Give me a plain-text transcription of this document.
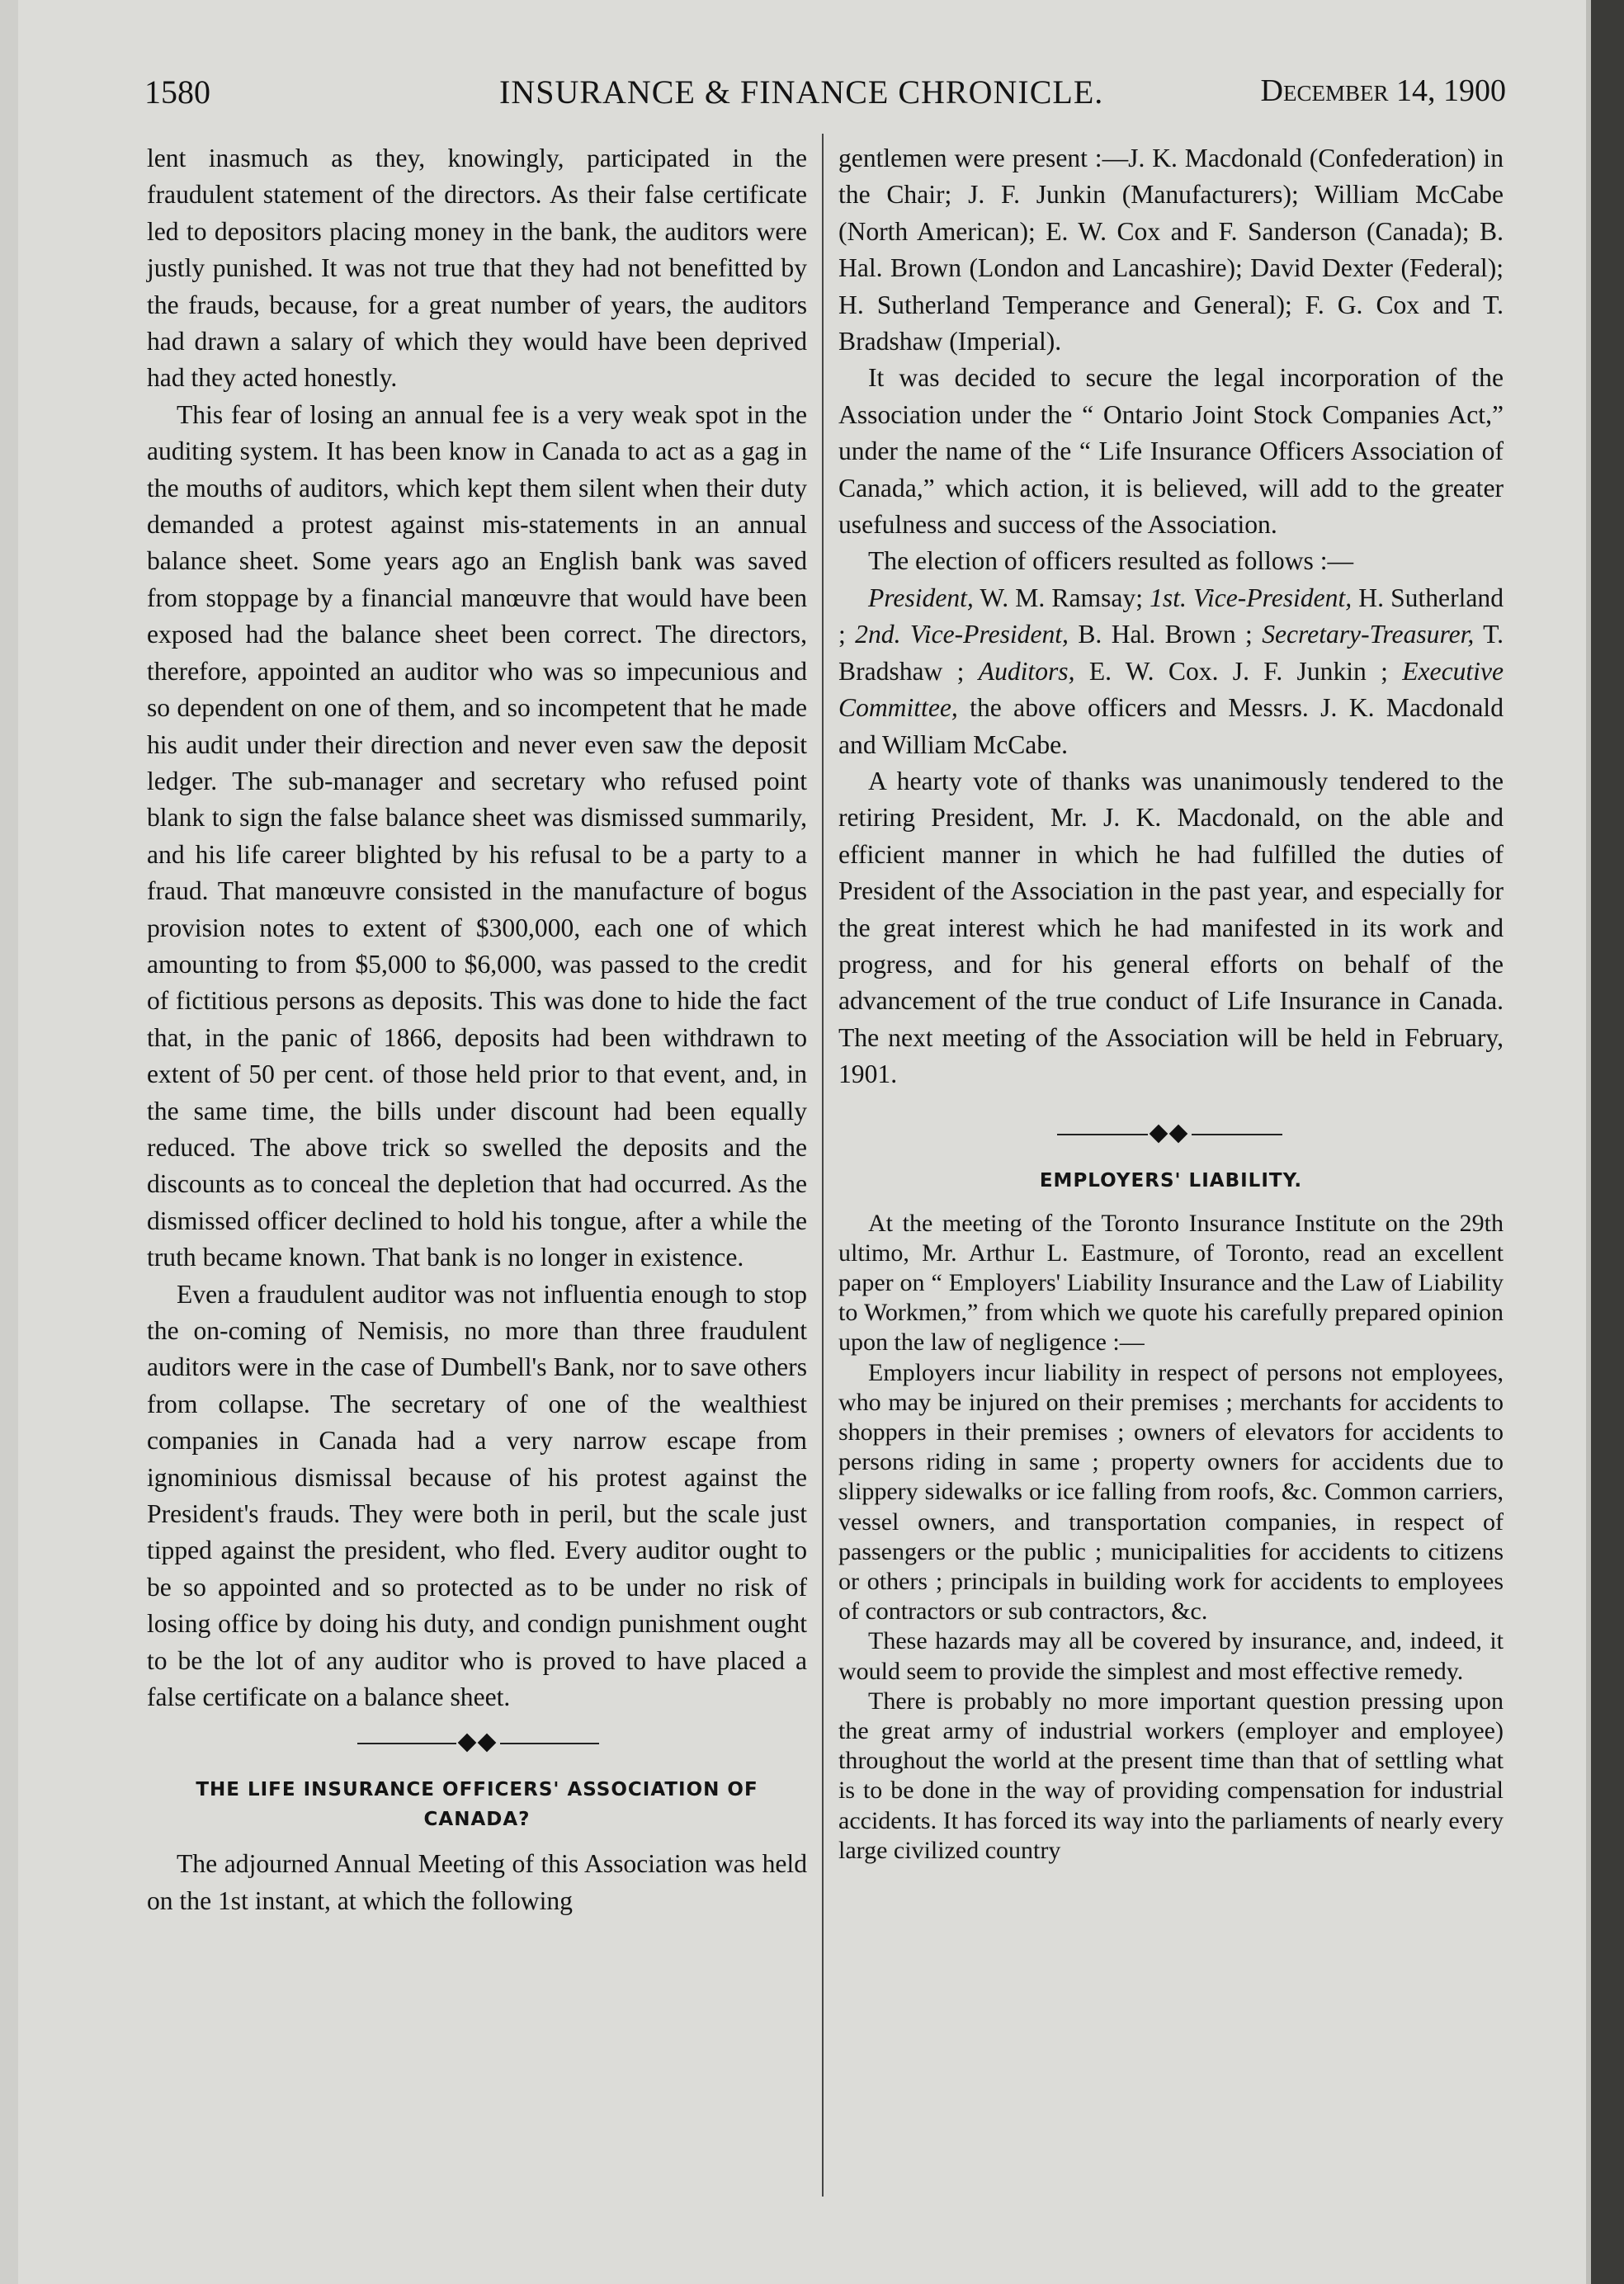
1580	INSURANCE & FINANCE CHRONICLE.	December 14, 1900

lent inasmuch as they, knowingly, participated in the fraudulent statement of the directors. As their false certificate led to depositors placing money in the bank, the auditors were justly punished. It was not true that they had not benefitted by the frauds, because, for a great number of years, the auditors had drawn a salary of which they would have been deprived had they acted honestly.

This fear of losing an annual fee is a very weak spot in the auditing system. It has been know in Canada to act as a gag in the mouths of auditors, which kept them silent when their duty demanded a protest against mis-statements in an annual balance sheet. Some years ago an English bank was saved from stoppage by a financial manœuvre that would have been exposed had the balance sheet been correct. The directors, therefore, appointed an auditor who was so impecunious and so dependent on one of them, and so incompetent that he made his audit under their direction and never even saw the deposit ledger. The sub-manager and secretary who refused point blank to sign the false balance sheet was dismissed summarily, and his life career blighted by his refusal to be a party to a fraud. That manœuvre consisted in the manufacture of bogus provision notes to extent of $300,000, each one of which amounting to from $5,000 to $6,000, was passed to the credit of fictitious persons as deposits. This was done to hide the fact that, in the panic of 1866, deposits had been withdrawn to extent of 50 per cent. of those held prior to that event, and, in the same time, the bills under discount had been equally reduced. The above trick so swelled the deposits and the discounts as to conceal the depletion that had occurred. As the dismissed officer declined to hold his tongue, after a while the truth became known. That bank is no longer in existence.

Even a fraudulent auditor was not influentia enough to stop the on-coming of Nemisis, no more than three fraudulent auditors were in the case of Dumbell's Bank, nor to save others from collapse. The secretary of one of the wealthiest companies in Canada had a very narrow escape from ignominious dismissal because of his protest against the President's frauds. They were both in peril, but the scale just tipped against the president, who fled. Every auditor ought to be so appointed and so protected as to be under no risk of losing office by doing his duty, and condign punishment ought to be the lot of any auditor who is proved to have placed a false certificate on a balance sheet.

THE LIFE INSURANCE OFFICERS' ASSOCIATION OF CANADA?

The adjourned Annual Meeting of this Association was held on the 1st instant, at which the following

gentlemen were present :—J. K. Macdonald (Confederation) in the Chair; J. F. Junkin (Manufacturers); William McCabe (North American); E. W. Cox and F. Sanderson (Canada); B. Hal. Brown (London and Lancashire); David Dexter (Federal); H. Sutherland Temperance and General); F. G. Cox and T. Bradshaw (Imperial).

It was decided to secure the legal incorporation of the Association under the “ Ontario Joint Stock Companies Act,” under the name of the “ Life Insurance Officers Association of Canada,” which action, it is believed, will add to the greater usefulness and success of the Association.

The election of officers resulted as follows :—

President, W. M. Ramsay; 1st. Vice-President, H. Sutherland ; 2nd. Vice-President, B. Hal. Brown ; Secretary-Treasurer, T. Bradshaw ; Auditors, E. W. Cox. J. F. Junkin ; Executive Committee, the above officers and Messrs. J. K. Macdonald and William McCabe.

A hearty vote of thanks was unanimously tendered to the retiring President, Mr. J. K. Macdonald, on the able and efficient manner in which he had fulfilled the duties of President of the Association in the past year, and especially for the great interest which he had manifested in its work and progress, and for his general efforts on behalf of the advancement of the true conduct of Life Insurance in Canada. The next meeting of the Association will be held in February, 1901.

EMPLOYERS' LIABILITY.

At the meeting of the Toronto Insurance Institute on the 29th ultimo, Mr. Arthur L. Eastmure, of Toronto, read an excellent paper on “ Employers' Liability Insurance and the Law of Liability to Workmen,” from which we quote his carefully prepared opinion upon the law of negligence :—

Employers incur liability in respect of persons not employees, who may be injured on their premises ; merchants for accidents to shoppers in their premises ; owners of elevators for accidents to persons riding in same ; property owners for accidents due to slippery sidewalks or ice falling from roofs, &c. Common carriers, vessel owners, and transportation companies, in respect of passengers or the public ; municipalities for accidents to citizens or others ; principals in building work for accidents to employees of contractors or sub contractors, &c.

These hazards may all be covered by insurance, and, indeed, it would seem to provide the simplest and most effective remedy.

There is probably no more important question pressing upon the great army of industrial workers (employer and employee) throughout the world at the present time than that of settling what is to be done in the way of providing compensation for industrial accidents. It has forced its way into the parliaments of nearly every large civilized country
